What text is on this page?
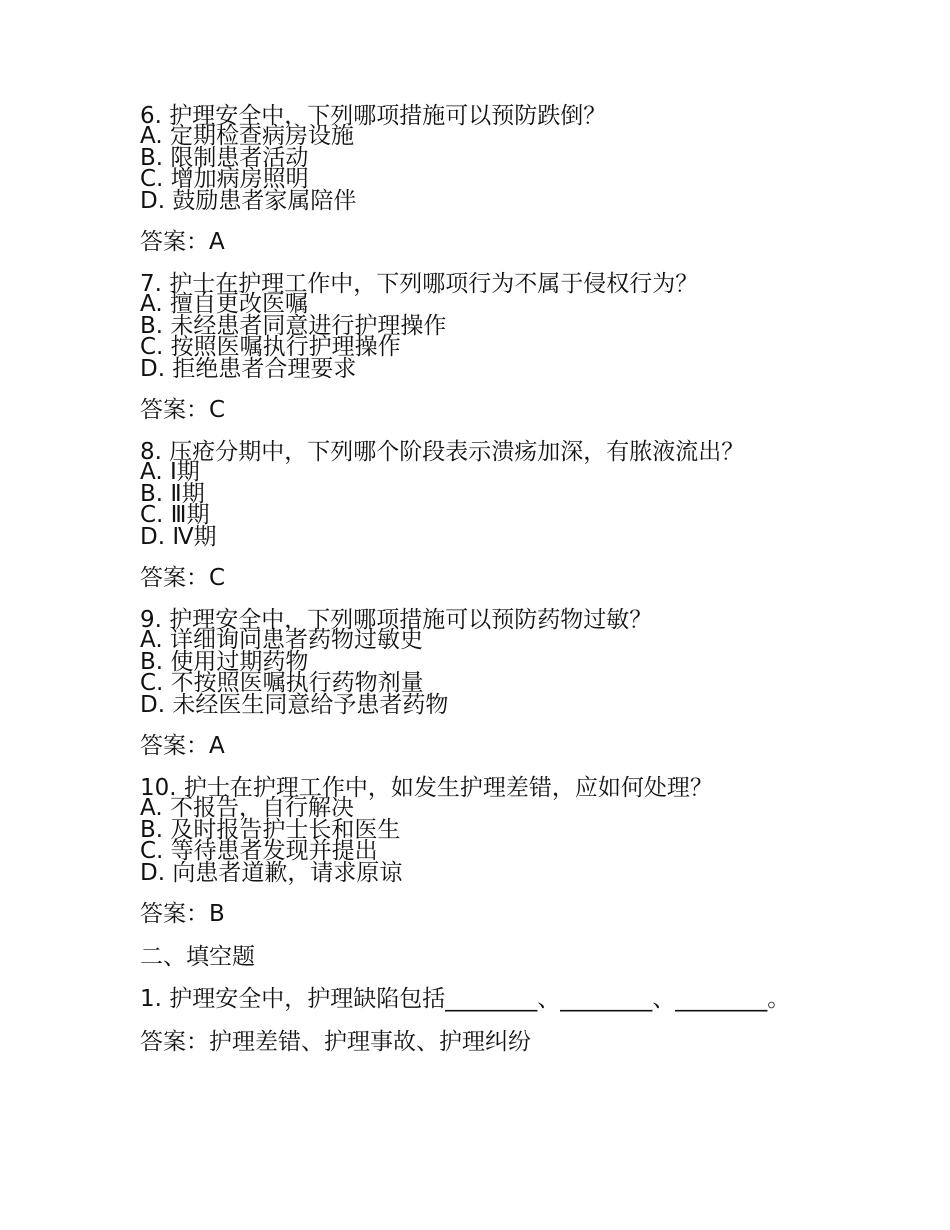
6. 护理安全中，下列哪项措施可以预防跌倒？
A. 定期检查病房设施
B. 限制患者活动
C. 增加病房照明
D. 鼓励患者家属陪伴
答案：A
7. 护士在护理工作中，下列哪项行为不属于侵权行为？
A. 擅自更改医嘱
B. 未经患者同意进行护理操作
C. 按照医嘱执行护理操作
D. 拒绝患者合理要求
答案：C
8. 压疮分期中，下列哪个阶段表示溃疡加深，有脓液流出？
A. Ⅰ期
B. Ⅱ期
C. Ⅲ期
D. Ⅳ期
答案：C
9. 护理安全中，下列哪项措施可以预防药物过敏？
A. 详细询问患者药物过敏史
B. 使用过期药物
C. 不按照医嘱执行药物剂量
D. 未经医生同意给予患者药物
答案：A
10. 护士在护理工作中，如发生护理差错，应如何处理？
A. 不报告，自行解决
B. 及时报告护士长和医生
C. 等待患者发现并提出
D. 向患者道歉，请求原谅
答案：B
二、填空题
1. 护理安全中，护理缺陷包括________、________、________。
答案：护理差错、护理事故、护理纠纷
